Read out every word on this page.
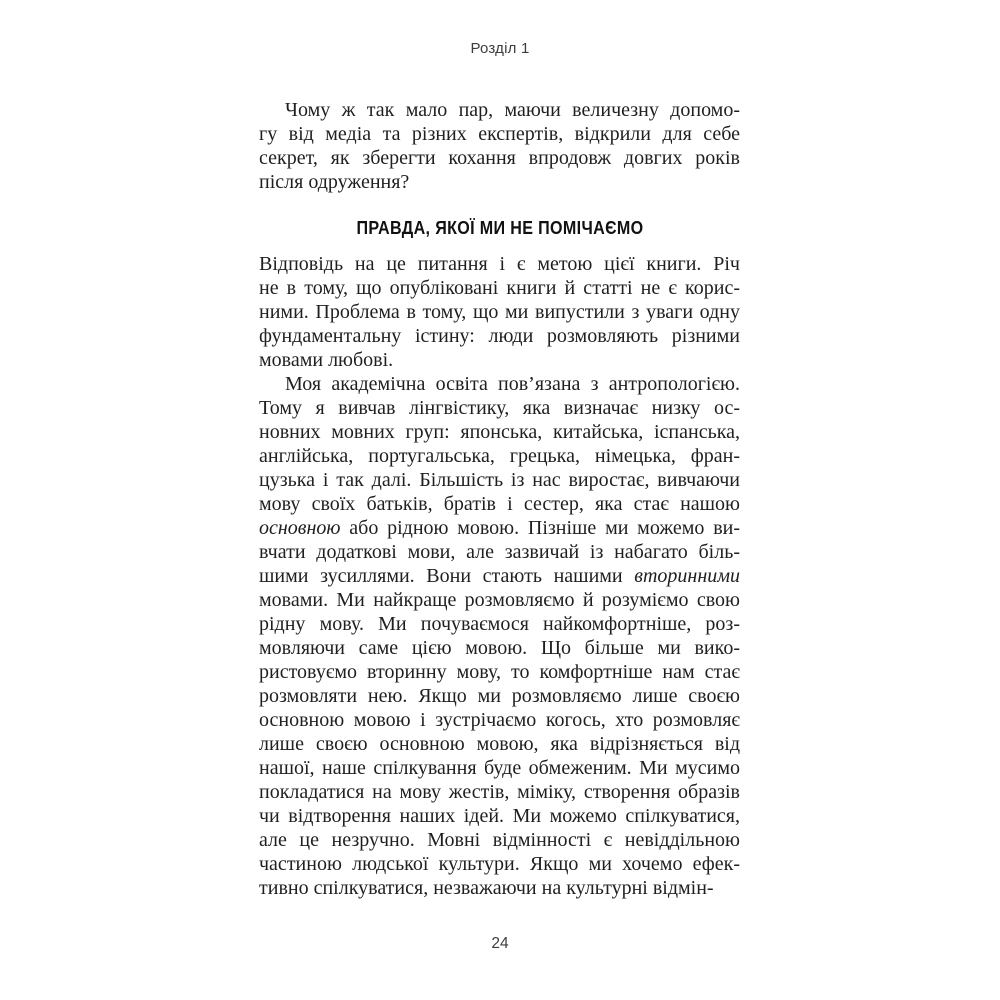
Розділ 1
Чому ж так мало пар, маючи величезну допомо-
гу від медіа та різних експертів, відкрили для себе
секрет, як зберегти кохання впродовж довгих років
після одруження?
ПРАВДА, ЯКОЇ МИ НЕ ПОМІЧАЄМО
Відповідь на це питання і є метою цієї книги. Річ
не в тому, що опубліковані книги й статті не є корис-
ними. Проблема в тому, що ми випустили з уваги одну
фундаментальну істину: люди розмовляють різними
мовами любові.
Моя академічна освіта пов’язана з антропологією.
Тому я вивчав лінгвістику, яка визначає низку ос-
новних мовних груп: японська, китайська, іспанська,
англійська, португальська, грецька, німецька, фран-
цузька і так далі. Більшість із нас виростає, вивчаючи
мову своїх батьків, братів і сестер, яка стає нашою
основною або рідною мовою. Пізніше ми можемо ви-
вчати додаткові мови, але зазвичай із набагато біль-
шими зусиллями. Вони стають нашими вторинними
мовами. Ми найкраще розмовляємо й розуміємо свою
рідну мову. Ми почуваємося найкомфортніше, роз-
мовляючи саме цією мовою. Що більше ми вико-
ристовуємо вторинну мову, то комфортніше нам стає
розмовляти нею. Якщо ми розмовляємо лише своєю
основною мовою і зустрічаємо когось, хто розмовляє
лише своєю основною мовою, яка відрізняється від
нашої, наше спілкування буде обмеженим. Ми мусимо
покладатися на мову жестів, міміку, створення образів
чи відтворення наших ідей. Ми можемо спілкуватися,
але це незручно. Мовні відмінності є невіддільною
частиною людської культури. Якщо ми хочемо ефек-
тивно спілкуватися, незважаючи на культурні відмін-
24
